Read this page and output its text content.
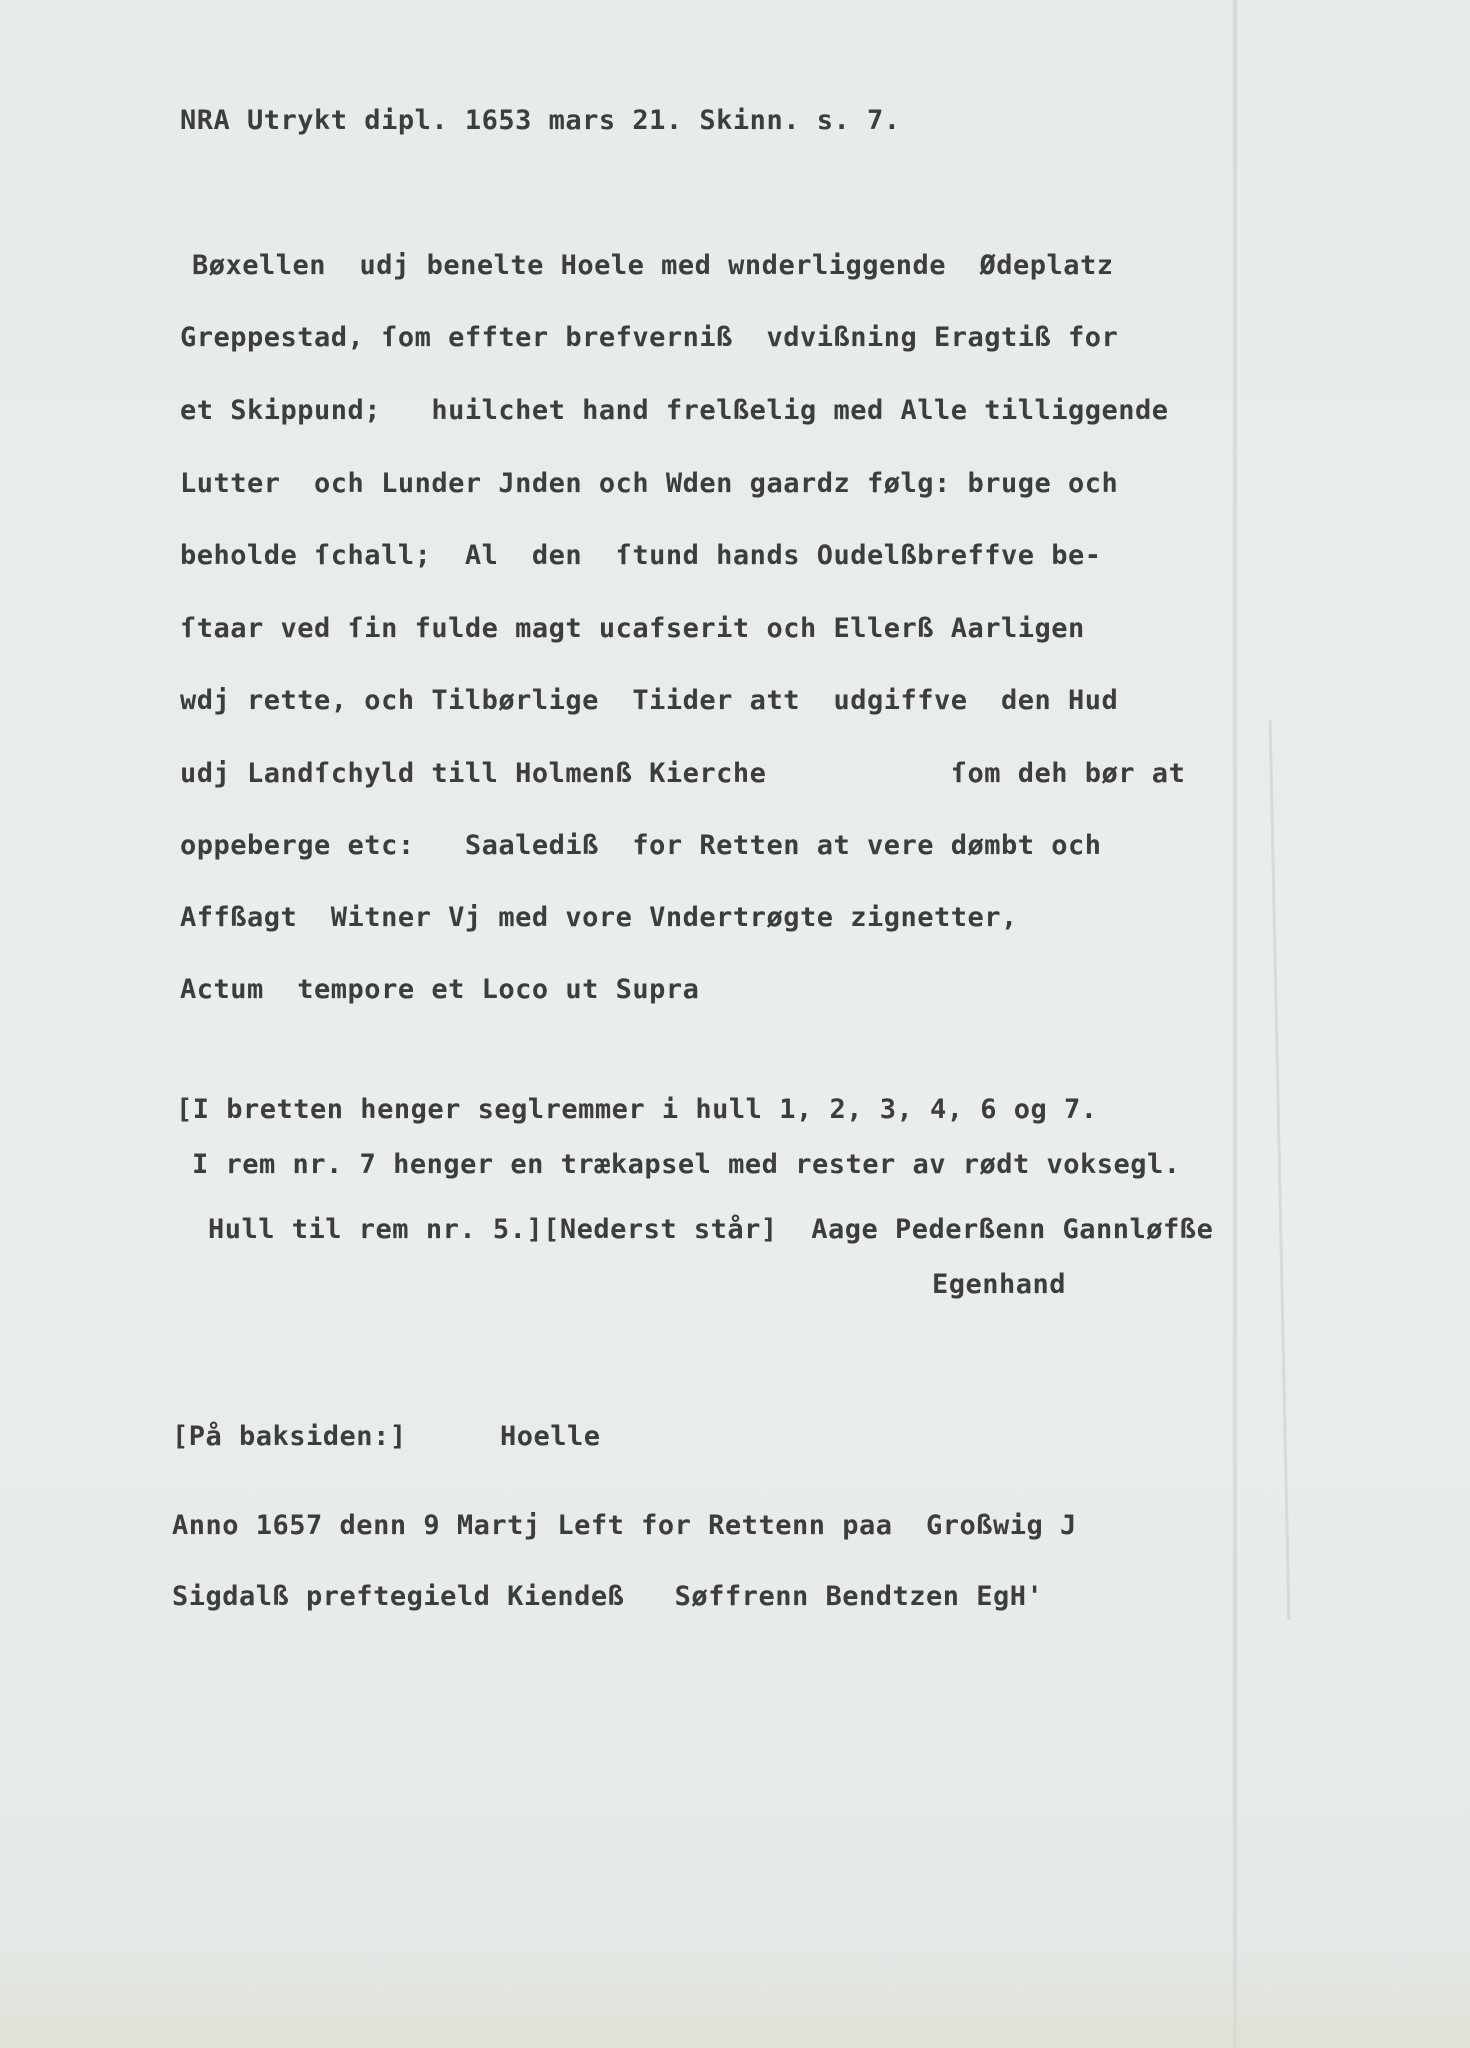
NRA Utrykt dipl. 1653 mars 21. Skinn. s. 7.

Bøxellen  udj benelte Hoele med wnderliggende  Ødeplatz

Greppestad, ſom effter brefverniß  vdvißning Eragtiß for

et Skippund;   huilchet hand frelßelig med Alle tilliggende

Lutter  och Lunder Jnden och Wden gaardz følg: bruge och

beholde ſchall;  Al  den  ſtund hands Oudelßbreffve be-

ſtaar ved ſin fulde magt ucafserit och Ellerß Aarligen

wdj rette, och Tilbørlige  Tiider att  udgiffve  den Hud

udj Landſchyld till Holmenß Kierche           ſom deh bør at

oppeberge etc:   Saalediß  for Retten at vere dømbt och

Affßagt  Witner Vj med vore Vndertrøgte zignetter,

Actum  tempore et Loco ut Supra

[I bretten henger seglremmer i hull 1, 2, 3, 4, 6 og 7.

I rem nr. 7 henger en trækapsel med rester av rødt voksegl.

Hull til rem nr. 5.][Nederst står]  Aage Pederßenn Gannløfße

Egenhand

[På baksiden:]	Hoelle

Anno 1657 denn 9 Martj Left for Rettenn paa  Großwig J

Sigdalß preftegield Kiendeß   Søffrenn Bendtzen EgH'
